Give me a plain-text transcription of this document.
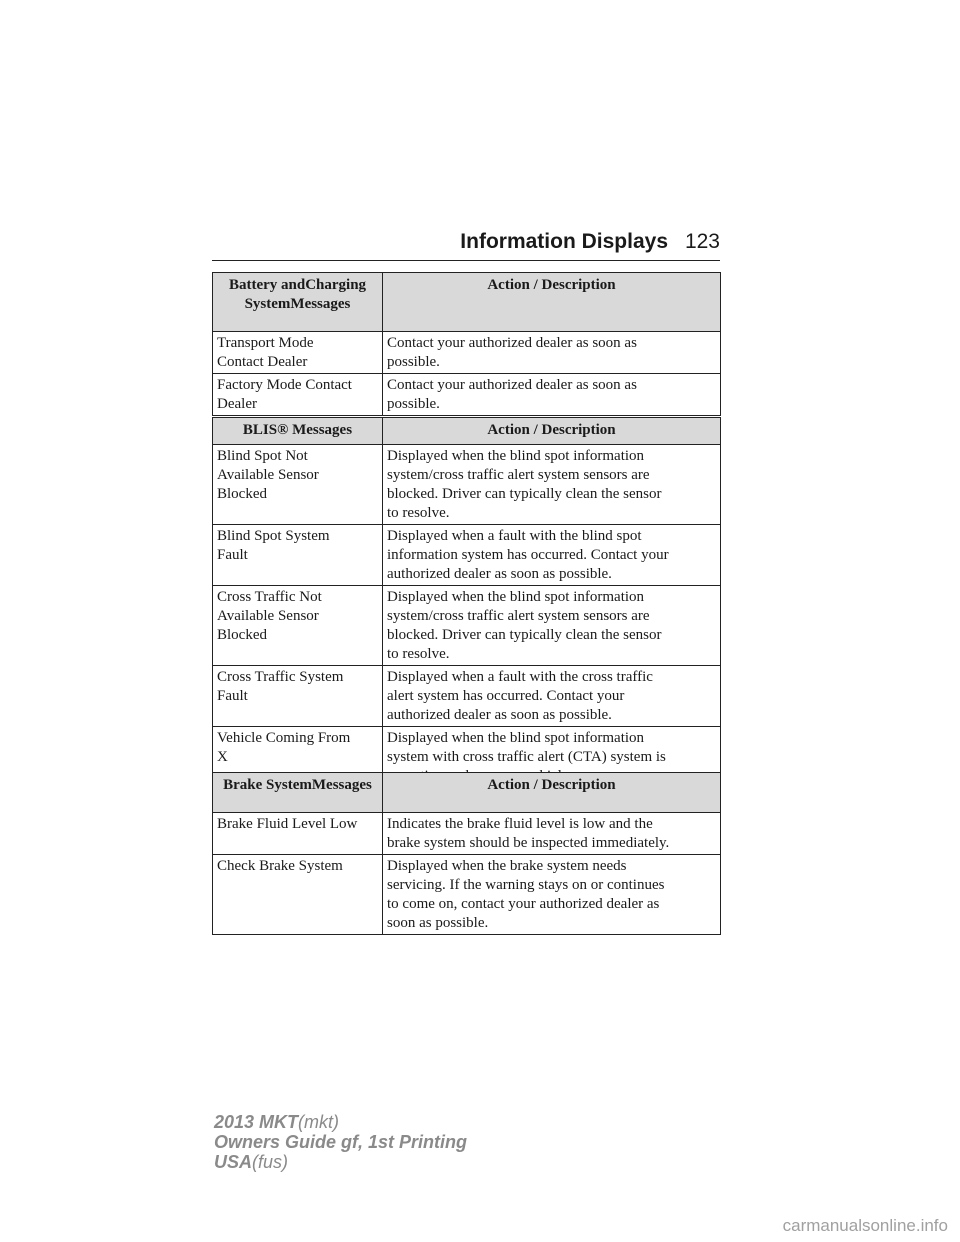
Information Displays 123
Battery andCharging SystemMessages	Action / Description

Transport Mode
Contact Dealer	Contact your authorized dealer as soon as
possible.

Factory Mode Contact
Dealer	Contact your authorized dealer as soon as
possible.
BLIS® Messages	Action / Description

Blind Spot Not
Available Sensor
Blocked	Displayed when the blind spot information
system/cross traffic alert system sensors are
blocked. Driver can typically clean the sensor
to resolve.

Blind Spot System
Fault	Displayed when a fault with the blind spot
information system has occurred. Contact your
authorized dealer as soon as possible.

Cross Traffic Not
Available Sensor
Blocked	Displayed when the blind spot information
system/cross traffic alert system sensors are
blocked. Driver can typically clean the sensor
to resolve.

Cross Traffic System
Fault	Displayed when a fault with the cross traffic
alert system has occurred. Contact your
authorized dealer as soon as possible.

Vehicle Coming From
X	Displayed when the blind spot information
system with cross traffic alert (CTA) system is
Brake SystemMessages	Action / Description
Brake Fluid Level Low	Indicates the brake fluid level is low and the
brake system should be inspected immediately.

Check Brake System	Displayed when the brake system needs
servicing. If the warning stays on or continues
to come on, contact your authorized dealer as
soon as possible.
2013 MKT(mkt)
Owners Guide gf, 1st Printing
USA(fus)
carmanualsonline.info
